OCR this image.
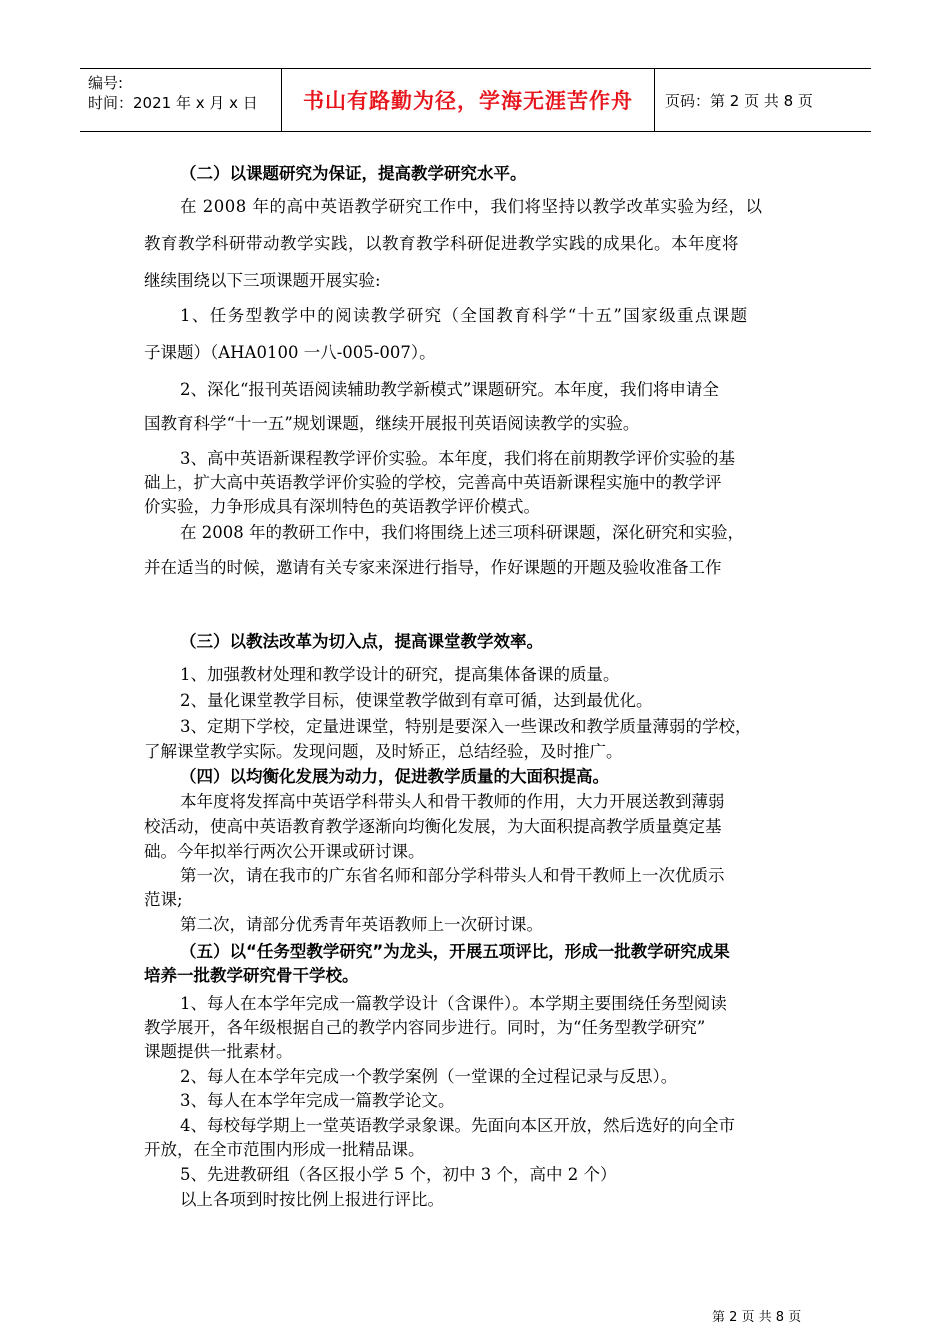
编号:
时间：2021 年 x 月 x 日	书山有路勤为径，学海无涯苦作舟	页码：第 2 页 共 8 页
（二）以课题研究为保证，提高教学研究水平。
在 2008 年的高中英语教学研究工作中，我们将坚持以教学改革实验为经，以
教育教学科研带动教学实践，以教育教学科研促进教学实践的成果化。本年度将
继续围绕以下三项课题开展实验:
1、任务型教学中的阅读教学研究（全国教育科学“十五”国家级重点课题
子课题）（AHA0100 一八-005-007）。
2、深化“报刊英语阅读辅助教学新模式”课题研究。本年度，我们将申请全
国教育科学“十一五”规划课题，继续开展报刊英语阅读教学的实验。
3、高中英语新课程教学评价实验。本年度，我们将在前期教学评价实验的基
础上，扩大高中英语教学评价实验的学校，完善高中英语新课程实施中的教学评
价实验，力争形成具有深圳特色的英语教学评价模式。
在 2008 年的教研工作中，我们将围绕上述三项科研课题，深化研究和实验，
并在适当的时候，邀请有关专家来深进行指导，作好课题的开题及验收准备工作
（三）以教法改革为切入点，提高课堂教学效率。
1、加强教材处理和教学设计的研究，提高集体备课的质量。
2、量化课堂教学目标，使课堂教学做到有章可循，达到最优化。
3、定期下学校，定量进课堂，特别是要深入一些课改和教学质量薄弱的学校，
了解课堂教学实际。发现问题，及时矫正，总结经验，及时推广。
（四）以均衡化发展为动力，促进教学质量的大面积提高。
本年度将发挥高中英语学科带头人和骨干教师的作用，大力开展送教到薄弱
校活动，使高中英语教育教学逐渐向均衡化发展，为大面积提高教学质量奠定基
础。今年拟举行两次公开课或研讨课。
第一次，请在我市的广东省名师和部分学科带头人和骨干教师上一次优质示
范课;
第二次，请部分优秀青年英语教师上一次研讨课。
（五）以“任务型教学研究”为龙头，开展五项评比，形成一批教学研究成果
培养一批教学研究骨干学校。
1、每人在本学年完成一篇教学设计（含课件）。本学期主要围绕任务型阅读
教学展开，各年级根据自己的教学内容同步进行。同时，为“任务型教学研究”
课题提供一批素材。
2、每人在本学年完成一个教学案例（一堂课的全过程记录与反思）。
3、每人在本学年完成一篇教学论文。
4、每校每学期上一堂英语教学录象课。先面向本区开放，然后选好的向全市
开放，在全市范围内形成一批精品课。
5、先进教研组（各区报小学 5 个，初中 3 个，高中 2 个）
以上各项到时按比例上报进行评比。
第 2 页 共 8 页
